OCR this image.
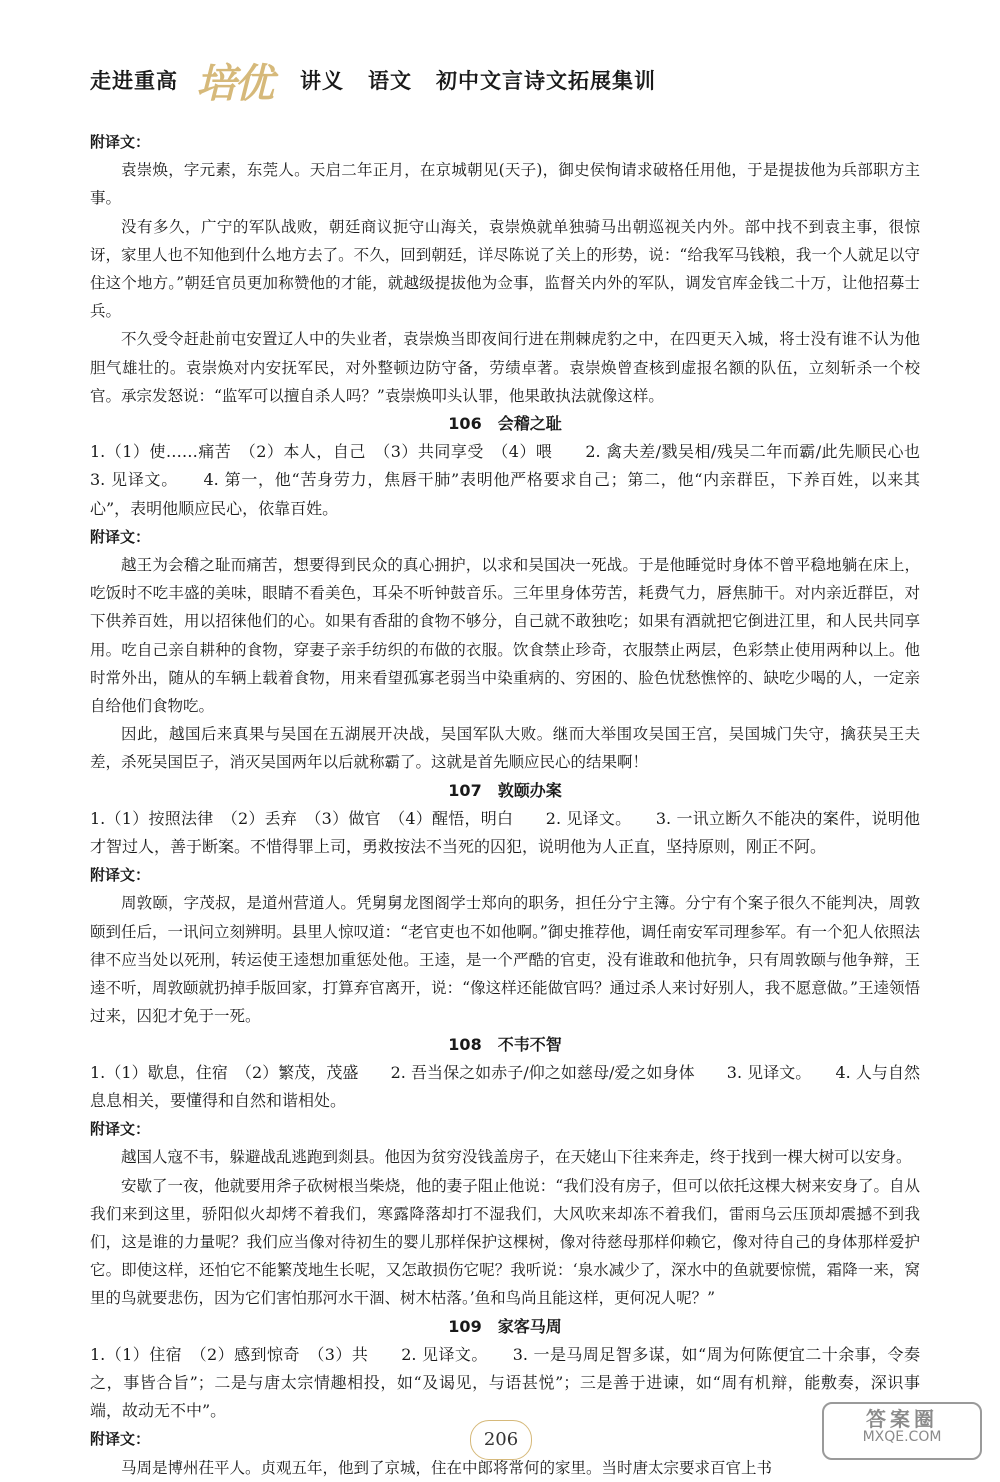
走进重高 培优 讲义 语文 初中文言诗文拓展集训
附译文：

袁崇焕，字元素，东莞人。天启二年正月，在京城朝见(天子)，御史侯恂请求破格任用他，于是提拔他为兵部职方主事。

没有多久，广宁的军队战败，朝廷商议扼守山海关，袁崇焕就单独骑马出朝巡视关内外。部中找不到袁主事，很惊讶，家里人也不知他到什么地方去了。不久，回到朝廷，详尽陈说了关上的形势，说：“给我军马钱粮，我一个人就足以守住这个地方。”朝廷官员更加称赞他的才能，就越级提拔他为佥事，监督关内外的军队，调发官库金钱二十万，让他招募士兵。

不久受令赶赴前屯安置辽人中的失业者，袁崇焕当即夜间行进在荆棘虎豹之中，在四更天入城，将士没有谁不认为他胆气雄壮的。袁崇焕对内安抚军民，对外整顿边防守备，劳绩卓著。袁崇焕曾查核到虚报名额的队伍，立刻斩杀一个校官。承宗发怒说：“监军可以擅自杀人吗？”袁崇焕叩头认罪，他果敢执法就像这样。

106　会稽之耻

1.（1）使……痛苦　（2）本人，自己　（3）共同享受　（4）喂　　2. 禽夫差/戮吴相/残吴二年而霸/此先顺民心也　　3. 见译文。　　4. 第一，他“苦身劳力，焦唇干肺”表明他严格要求自己；第二，他“内亲群臣，下养百姓，以来其心”，表明他顺应民心，依靠百姓。

附译文：

越王为会稽之耻而痛苦，想要得到民众的真心拥护，以求和吴国决一死战。于是他睡觉时身体不曾平稳地躺在床上，吃饭时不吃丰盛的美味，眼睛不看美色，耳朵不听钟鼓音乐。三年里身体劳苦，耗费气力，唇焦肺干。对内亲近群臣，对下供养百姓，用以招徕他们的心。如果有香甜的食物不够分，自己就不敢独吃；如果有酒就把它倒进江里，和人民共同享用。吃自己亲自耕种的食物，穿妻子亲手纺织的布做的衣服。饮食禁止珍奇，衣服禁止两层，色彩禁止使用两种以上。他时常外出，随从的车辆上载着食物，用来看望孤寡老弱当中染重病的、穷困的、脸色忧愁憔悴的、缺吃少喝的人，一定亲自给他们食物吃。

因此，越国后来真果与吴国在五湖展开决战，吴国军队大败。继而大举围攻吴国王宫，吴国城门失守，擒获吴王夫差，杀死吴国臣子，消灭吴国两年以后就称霸了。这就是首先顺应民心的结果啊！

107　敦颐办案

1.（1）按照法律　（2）丢弃　（3）做官　（4）醒悟，明白　　2. 见译文。　　3. 一讯立断久不能决的案件，说明他才智过人，善于断案。不惜得罪上司，勇救按法不当死的囚犯，说明他为人正直，坚持原则，刚正不阿。

附译文：

周敦颐，字茂叔，是道州营道人。凭舅舅龙图阁学士郑向的职务，担任分宁主簿。分宁有个案子很久不能判决，周敦颐到任后，一讯问立刻辨明。县里人惊叹道：“老官吏也不如他啊。”御史推荐他，调任南安军司理参军。有一个犯人依照法律不应当处以死刑，转运使王逵想加重惩处他。王逵，是一个严酷的官吏，没有谁敢和他抗争，只有周敦颐与他争辩，王逵不听，周敦颐就扔掉手版回家，打算弃官离开，说：“像这样还能做官吗？通过杀人来讨好别人，我不愿意做。”王逵领悟过来，囚犯才免于一死。

108　不韦不智

1.（1）歇息，住宿　（2）繁茂，茂盛　　2. 吾当保之如赤子/仰之如慈母/爱之如身体　　3. 见译文。　　4. 人与自然息息相关，要懂得和自然和谐相处。

附译文：

越国人寇不韦，躲避战乱逃跑到剡县。他因为贫穷没钱盖房子，在天姥山下往来奔走，终于找到一棵大树可以安身。

安歇了一夜，他就要用斧子砍树根当柴烧，他的妻子阻止他说：“我们没有房子，但可以依托这棵大树来安身了。自从我们来到这里，骄阳似火却烤不着我们，寒露降落却打不湿我们，大风吹来却冻不着我们，雷雨乌云压顶却震撼不到我们，这是谁的力量呢？我们应当像对待初生的婴儿那样保护这棵树，像对待慈母那样仰赖它，像对待自己的身体那样爱护它。即使这样，还怕它不能繁茂地生长呢，又怎敢损伤它呢？我听说：‘泉水减少了，深水中的鱼就要惊慌，霜降一来，窝里的鸟就要悲伤，因为它们害怕那河水干涸、树木枯落。’鱼和鸟尚且能这样，更何况人呢？”

109　家客马周

1.（1）住宿　（2）感到惊奇　（3）共　　2. 见译文。　　3. 一是马周足智多谋，如“周为何陈便宜二十余事，令奏之，事皆合旨”；二是与唐太宗情趣相投，如“及谒见，与语甚悦”；三是善于进谏，如“周有机辩，能敷奏，深识事端，故动无不中”。

附译文：

马周是博州茌平人。贞观五年，他到了京城，住在中郎将常何的家里。当时唐太宗要求百官上书

206
答案圈
MXQE.COM
